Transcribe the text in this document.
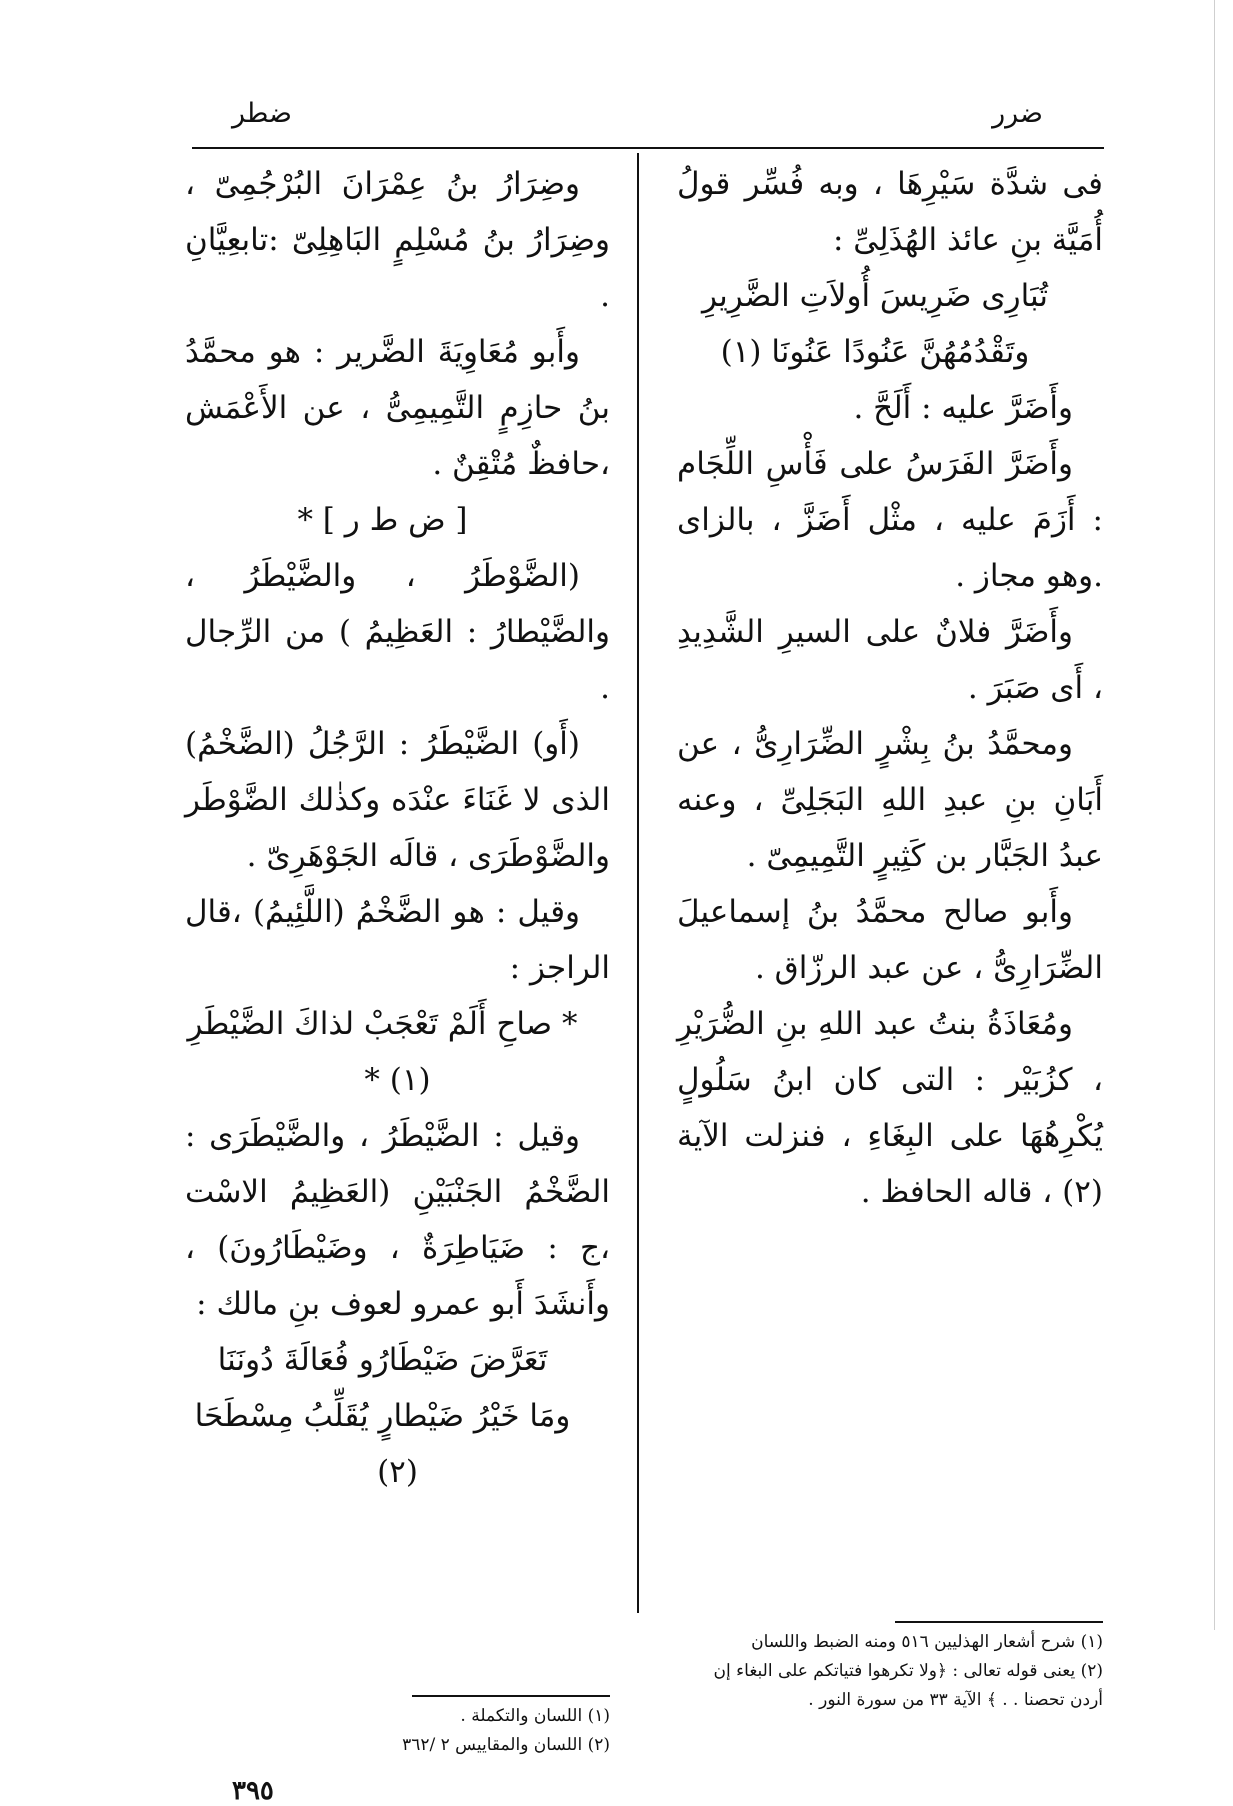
ضرر
ضطر

فى شدَّة سَيْرِهَا ، وبه فُسِّر قولُ أُمَيَّة بنِ عائذ الهُذَلِىِّ :

تُبَارِى ضَرِيسَ أُولاَتِ الضَّرِيرِ

وتَقْدُمُهُنَّ عَنُودًا عَنُونَا (١)

وأَضَرَّ عليه : أَلَحَّ .

وأَضَرَّ الفَرَسُ على فَأْسِ اللِّجَام : أَزَمَ عليه ، مثْل أَضَزَّ ، بالزاى .وهو مجاز .

وأَضَرَّ فلانٌ على السيرِ الشَّدِيدِ ، أَى صَبَرَ .

ومحمَّدُ بنُ بِشْرٍ الضِّرَارِىُّ ، عن أَبَانِ بنِ عبدِ اللهِ البَجَلِىِّ ، وعنه عبدُ الجَبَّار بن كَثِيرٍ التَّمِيمِىّ .

وأَبو صالح محمَّدُ بنُ إسماعيلَ الضِّرَارِىُّ ، عن عبد الرزّاق .

ومُعَاذَةُ بنتُ عبد اللهِ بنِ الضُّرَيْرِ ، كزُبَيْر : التى كان ابنُ سَلُولٍ يُكْرِهُهَا على البِغَاءِ ، فنزلت الآية (٢) ، قاله الحافظ .

وضِرَارُ بنُ عِمْرَانَ البُرْجُمِىّ ، وضِرَارُ بنُ مُسْلِمٍ البَاهِلِىّ :تابعِيَّانِ .

وأَبو مُعَاوِيَةَ الضَّرير : هو محمَّدُ بنُ حازِمٍ التَّمِيمِىُّ ، عن الأَعْمَش ،حافظٌ مُتْقِنٌ .

[ ض ط ر ] *

(الضَّوْطَرُ ، والضَّيْطَرُ ، والضَّيْطارُ : العَظِيمُ ) من الرِّجال .

(أَو) الضَّيْطَرُ : الرَّجُلُ (الضَّخْمُ) الذى لا غَنَاءَ عنْدَه وكذٰلك الضَّوْطَر والضَّوْطَرَى ، قالَه الجَوْهَرِىّ .

وقيل : هو الضَّخْمُ (اللَّئِيمُ) ،قال الراجز :

* صاحِ أَلَمْ تَعْجَبْ لذاكَ الضَّيْطَرِ (١) *

وقيل : الضَّيْطَرُ ، والضَّيْطَرَى : الضَّخْمُ الجَنْبَيْنِ (العَظِيمُ الاسْت ،ج : ضَيَاطِرَةٌ ، وضَيْطَارُونَ) ، وأَنشَدَ أَبو عمرو لعوف بنِ مالك :

تَعَرَّضَ ضَيْطَارُو فُعَالَةَ دُونَنَا

ومَا خَيْرُ ضَيْطارٍ يُقَلِّبُ مِسْطَحَا (٢)

(١) شرح أشعار الهذليين ٥١٦ ومنه الضبط واللسان

(٢) يعنى قوله تعالى : ﴿ولا تكرهوا فتياتكم على البغاء إن أردن تحصنا . . ﴾ الآية ٣٣ من سورة النور .

(١) اللسان والتكملة .

(٢) اللسان والمقاييس ٢ /٣٦٢

٣٩٥
